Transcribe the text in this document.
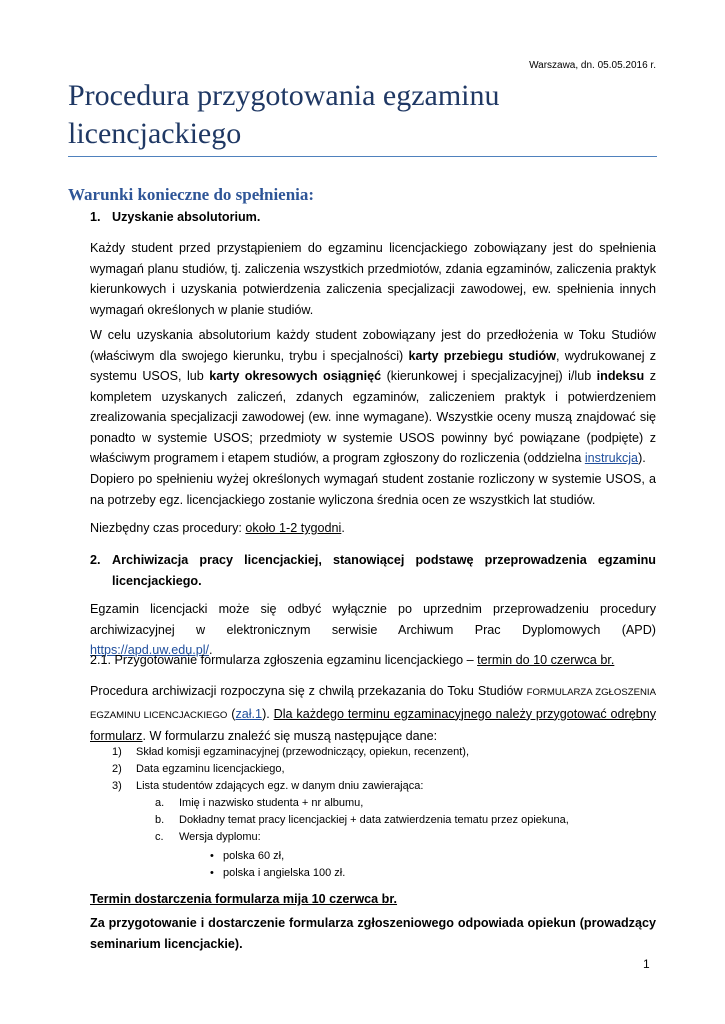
Warszawa, dn. 05.05.2016 r.
Procedura przygotowania egzaminu licencjackiego
Warunki konieczne do spełnienia:
1. Uzyskanie absolutorium.
Każdy student przed przystąpieniem do egzaminu licencjackiego zobowiązany jest do spełnienia wymagań planu studiów, tj. zaliczenia wszystkich przedmiotów, zdania egzaminów, zaliczenia praktyk kierunkowych i uzyskania potwierdzenia zaliczenia specjalizacji zawodowej, ew. spełnienia innych wymagań określonych w planie studiów.
W celu uzyskania absolutorium każdy student zobowiązany jest do przedłożenia w Toku Studiów (właściwym dla swojego kierunku, trybu i specjalności) karty przebiegu studiów, wydrukowanej z systemu USOS, lub karty okresowych osiągnięć (kierunkowej i specjalizacyjnej) i/lub indeksu z kompletem uzyskanych zaliczeń, zdanych egzaminów, zaliczeniem praktyk i potwierdzeniem zrealizowania specjalizacji zawodowej (ew. inne wymagane). Wszystkie oceny muszą znajdować się ponadto w systemie USOS; przedmioty w systemie USOS powinny być powiązane (podpięte) z właściwym programem i etapem studiów, a program zgłoszony do rozliczenia (oddzielna instrukcja).
Dopiero po spełnieniu wyżej określonych wymagań student zostanie rozliczony w systemie USOS, a na potrzeby egz. licencjackiego zostanie wyliczona średnia ocen ze wszystkich lat studiów.
Niezbędny czas procedury: około 1-2 tygodni.
2. Archiwizacja pracy licencjackiej, stanowiącej podstawę przeprowadzenia egzaminu licencjackiego.
Egzamin licencjacki może się odbyć wyłącznie po uprzednim przeprowadzeniu procedury archiwizacyjnej w elektronicznym serwisie Archiwum Prac Dyplomowych (APD) https://apd.uw.edu.pl/.
2.1. Przygotowanie formularza zgłoszenia egzaminu licencjackiego – termin do 10 czerwca br.
Procedura archiwizacji rozpoczyna się z chwilą przekazania do Toku Studiów FORMULARZA ZGŁOSZENIA EGZAMINU LICENCJACKIEGO (zał.1). Dla każdego terminu egzaminacyjnego należy przygotować odrębny formularz. W formularzu znaleźć się muszą następujące dane:
1) Skład komisji egzaminacyjnej (przewodniczący, opiekun, recenzent),
2) Data egzaminu licencjackiego,
3) Lista studentów zdających egz. w danym dniu zawierająca:
a. Imię i nazwisko studenta + nr albumu,
b. Dokładny temat pracy licencjackiej + data zatwierdzenia tematu przez opiekuna,
c. Wersja dyplomu:
• polska 60 zł,
• polska i angielska 100 zł.
Termin dostarczenia formularza mija 10 czerwca br.
Za przygotowanie i dostarczenie formularza zgłoszeniowego odpowiada opiekun (prowadzący seminarium licencjackie).
1
